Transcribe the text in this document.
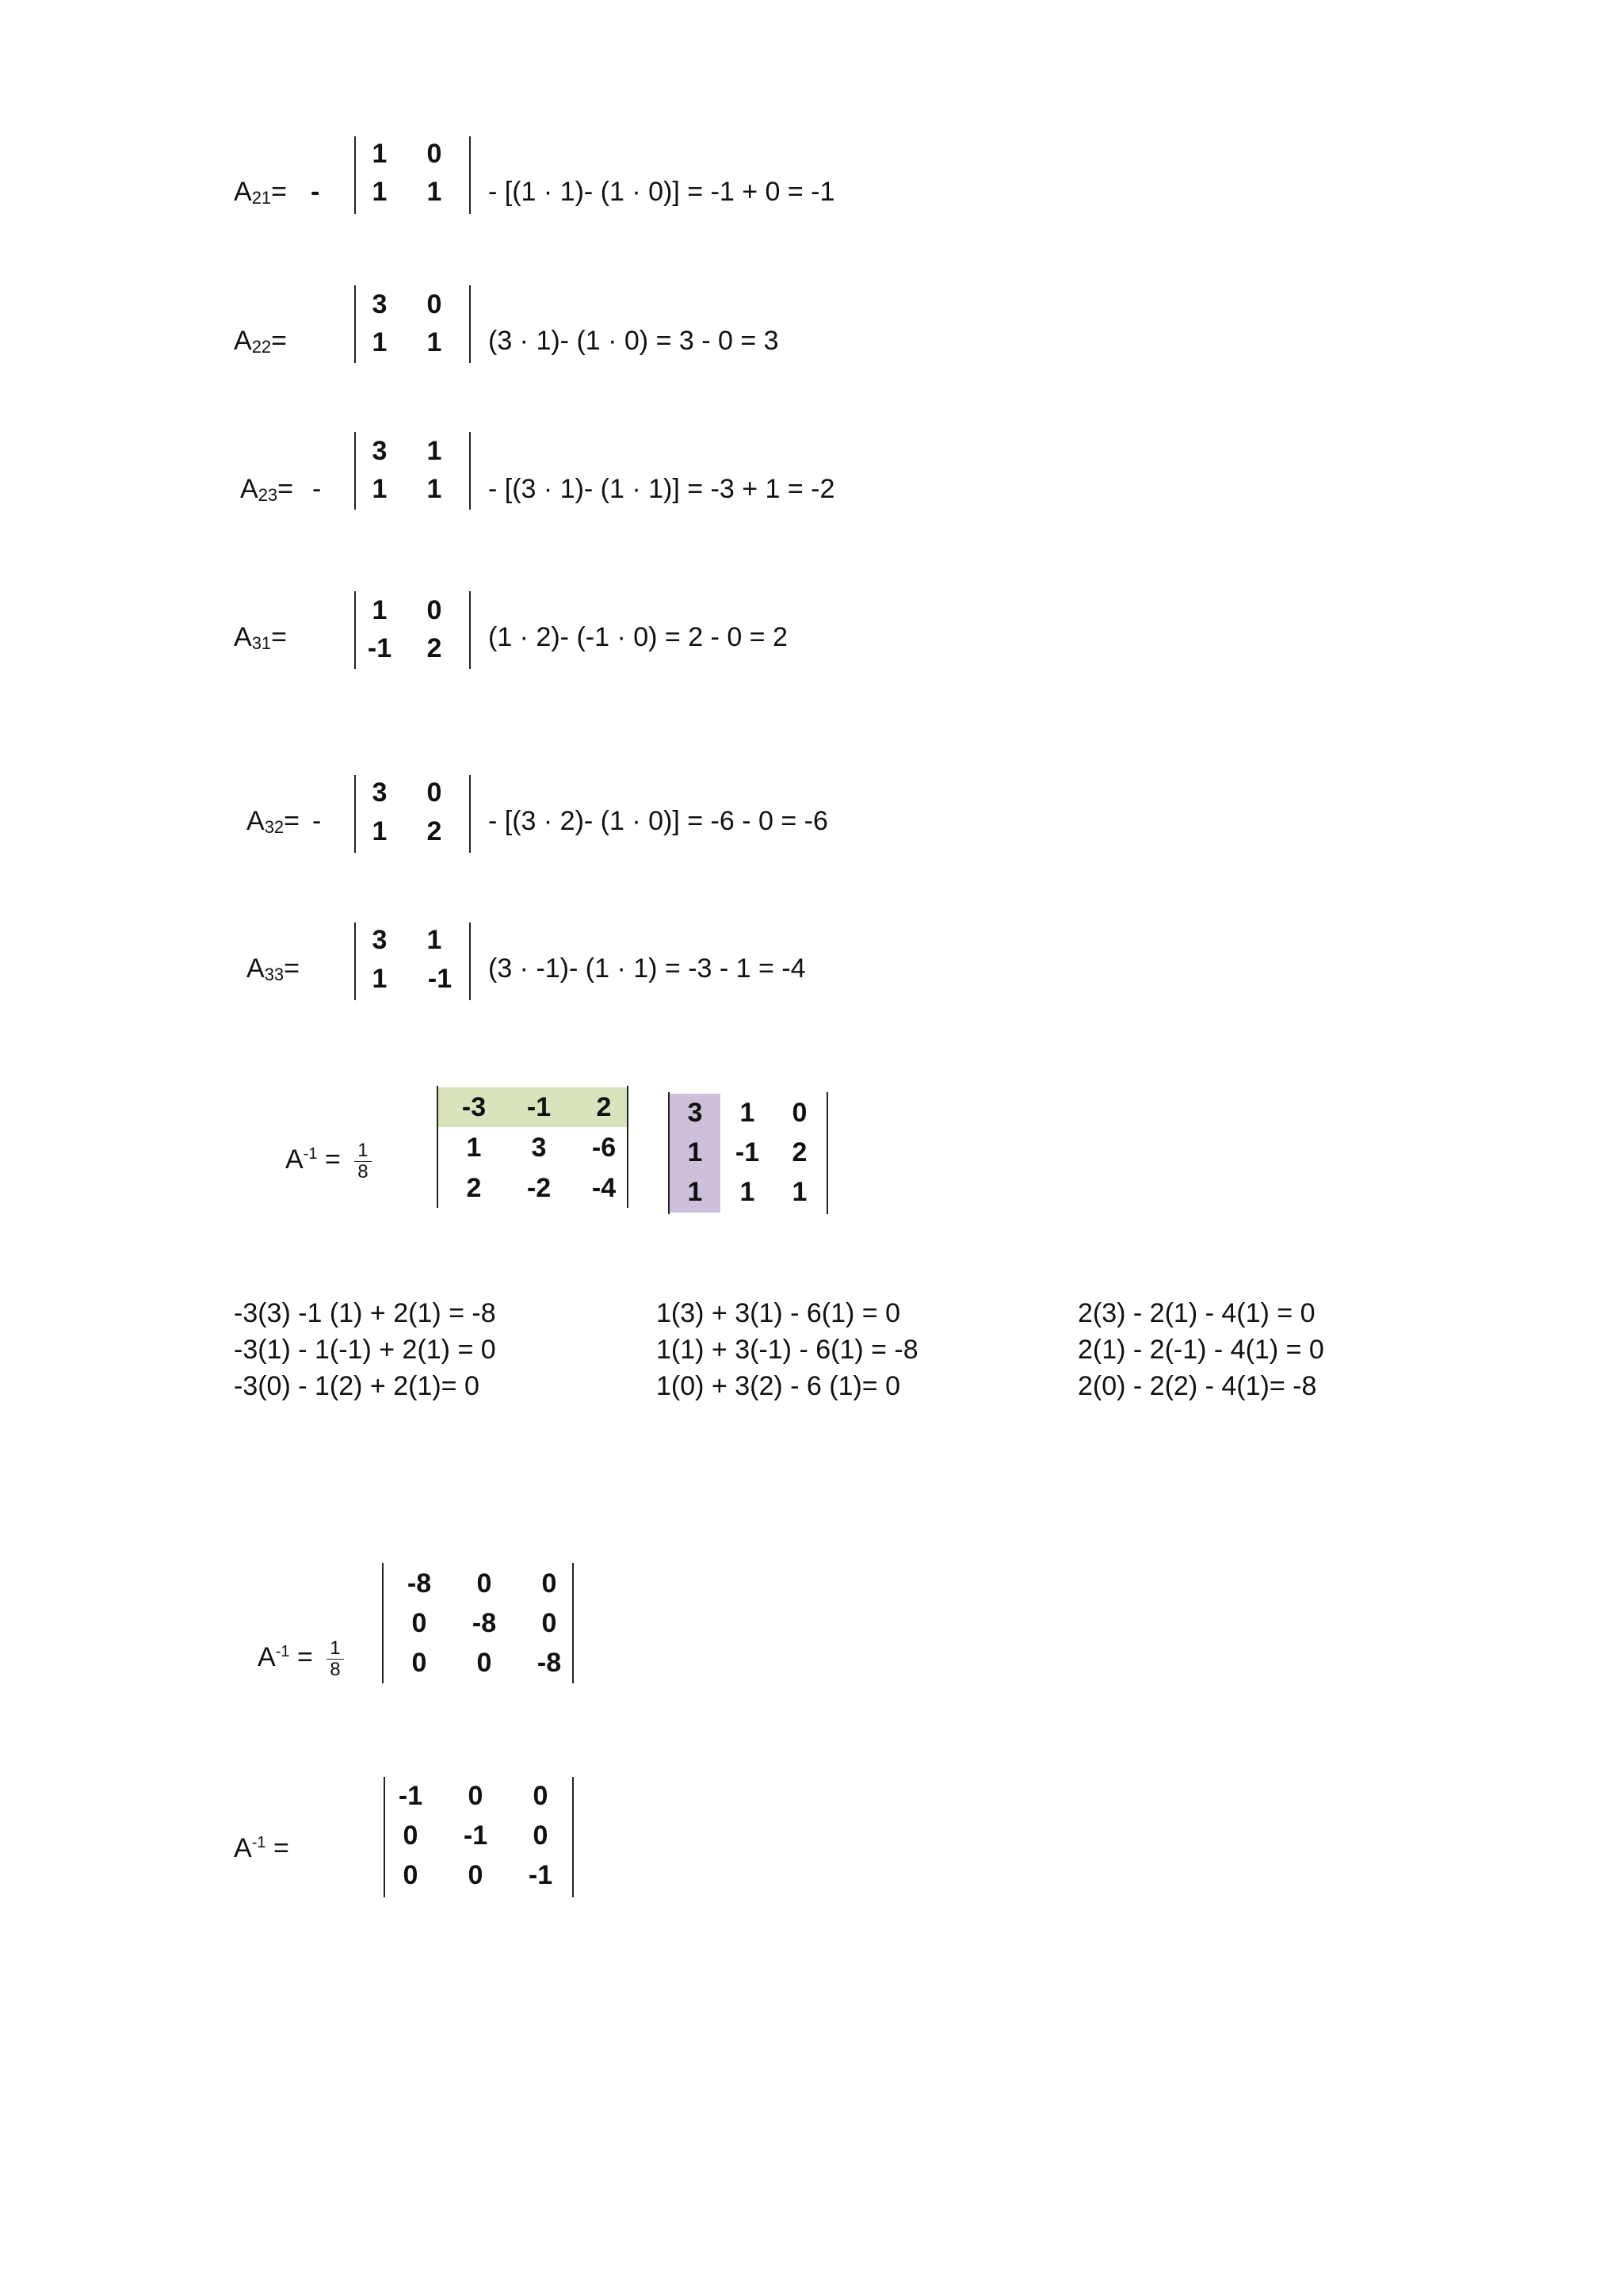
$A_{21}=$ -
1	0
1	1	- [(1 · 1)- (1 · 0)] = -1 + 0 = -1
$A_{22}=$
3	0
1	1	(3 · 1)- (1 · 0) = 3 - 0 = 3
$A_{23}=$ -
3	1
1	1	- [(3 · 1)- (1 · 1)] = -3 + 1 = -2
$A_{31}=$
1	0
-1	2	(1 · 2)- (-1 · 0) = 2 - 0 = 2
$A_{32}=$ -
3	0
1	2	- [(3 · 2)- (1 · 0)] = -6 - 0 = -6
$A_{33}=$
3	1
1	-1	(3 · -1)- (1 · 1) = -3 - 1 = -4
$A^{-1} = \frac{1}{8}$
-3	-1	2
1	3	-6
2	-2	-4
3	1	0
1	-1	2
1	1	1
-3(3) -1 (1) + 2(1) = -8
-3(1) - 1(-1) + 2(1) = 0
-3(0) - 1(2) + 2(1)= 0
1(3) + 3(1) - 6(1) = 0
1(1) + 3(-1) - 6(1) = -8
1(0) + 3(2) - 6 (1)= 0
2(3) - 2(1) - 4(1) = 0
2(1) - 2(-1) - 4(1) = 0
2(0) - 2(2) - 4(1)= -8
$A^{-1} = \frac{1}{8}$
-8	0	0
0	-8	0
0	0	-8
$A^{-1}$ =
-1	0	0
0	-1	0
0	0	-1
